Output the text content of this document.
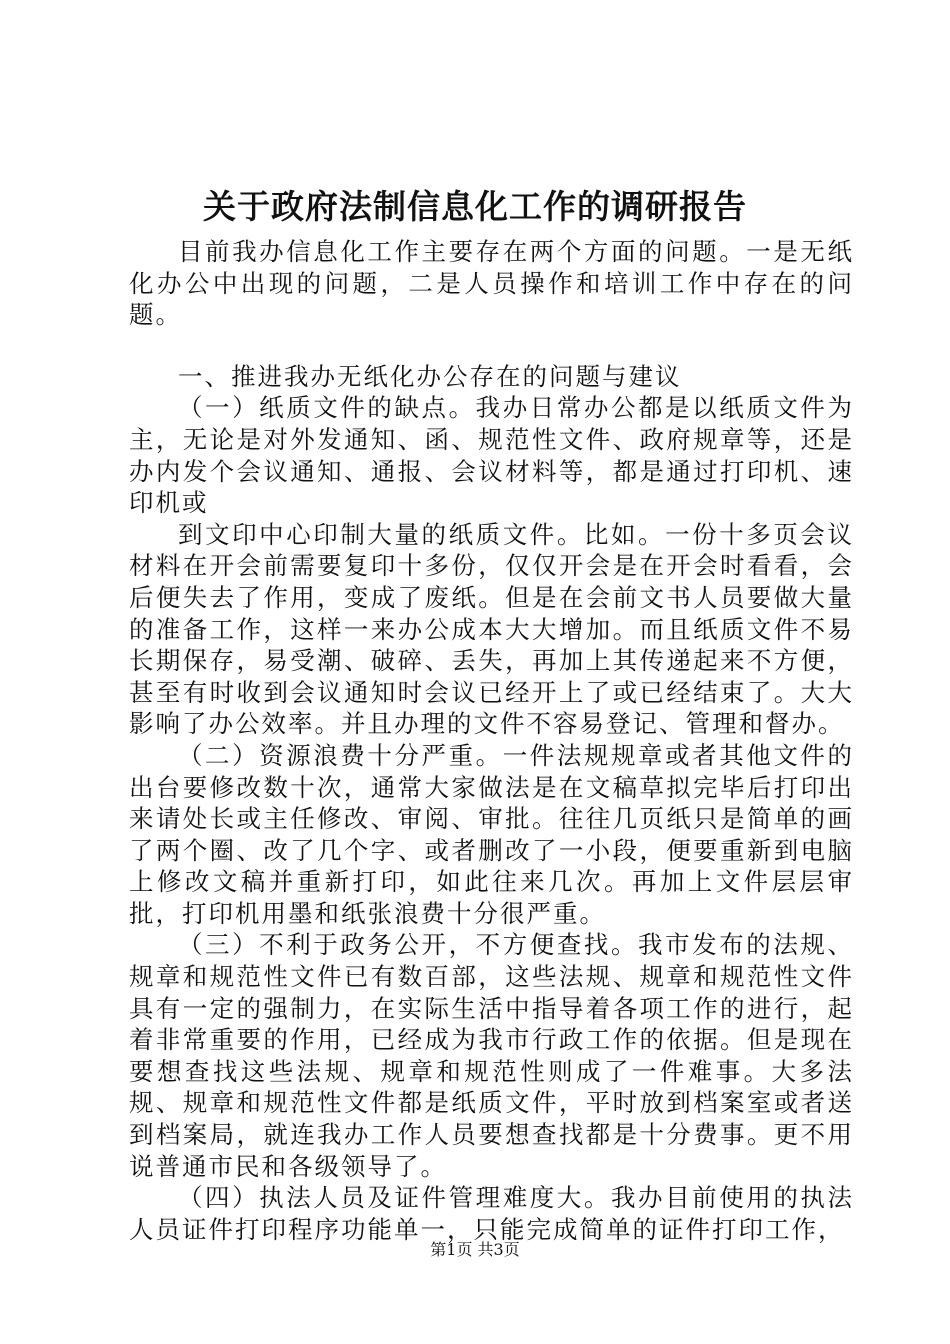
关于政府法制信息化工作的调研报告

目前我办信息化工作主要存在两个方面的问题。一是无纸化办公中出现的问题，二是人员操作和培训工作中存在的问题。

一、推进我办无纸化办公存在的问题与建议

（一）纸质文件的缺点。我办日常办公都是以纸质文件为主，无论是对外发通知、函、规范性文件、政府规章等，还是办内发个会议通知、通报、会议材料等，都是通过打印机、速印机或

到文印中心印制大量的纸质文件。比如。一份十多页会议材料在开会前需要复印十多份，仅仅开会是在开会时看看，会后便失去了作用，变成了废纸。但是在会前文书人员要做大量的准备工作，这样一来办公成本大大增加。而且纸质文件不易长期保存，易受潮、破碎、丢失，再加上其传递起来不方便，甚至有时收到会议通知时会议已经开上了或已经结束了。大大影响了办公效率。并且办理的文件不容易登记、管理和督办。

（二）资源浪费十分严重。一件法规规章或者其他文件的出台要修改数十次，通常大家做法是在文稿草拟完毕后打印出来请处长或主任修改、审阅、审批。往往几页纸只是简单的画了两个圈、改了几个字、或者删改了一小段，便要重新到电脑上修改文稿并重新打印，如此往来几次。再加上文件层层审批，打印机用墨和纸张浪费十分很严重。

（三）不利于政务公开，不方便查找。我市发布的法规、规章和规范性文件已有数百部，这些法规、规章和规范性文件具有一定的强制力，在实际生活中指导着各项工作的进行，起着非常重要的作用，已经成为我市行政工作的依据。但是现在要想查找这些法规、规章和规范性则成了一件难事。大多法规、规章和规范性文件都是纸质文件，平时放到档案室或者送到档案局，就连我办工作人员要想查找都是十分费事。更不用说普通市民和各级领导了。

（四）执法人员及证件管理难度大。我办目前使用的执法人员证件打印程序功能单一，只能完成简单的证件打印工作，

第1页 共3页
